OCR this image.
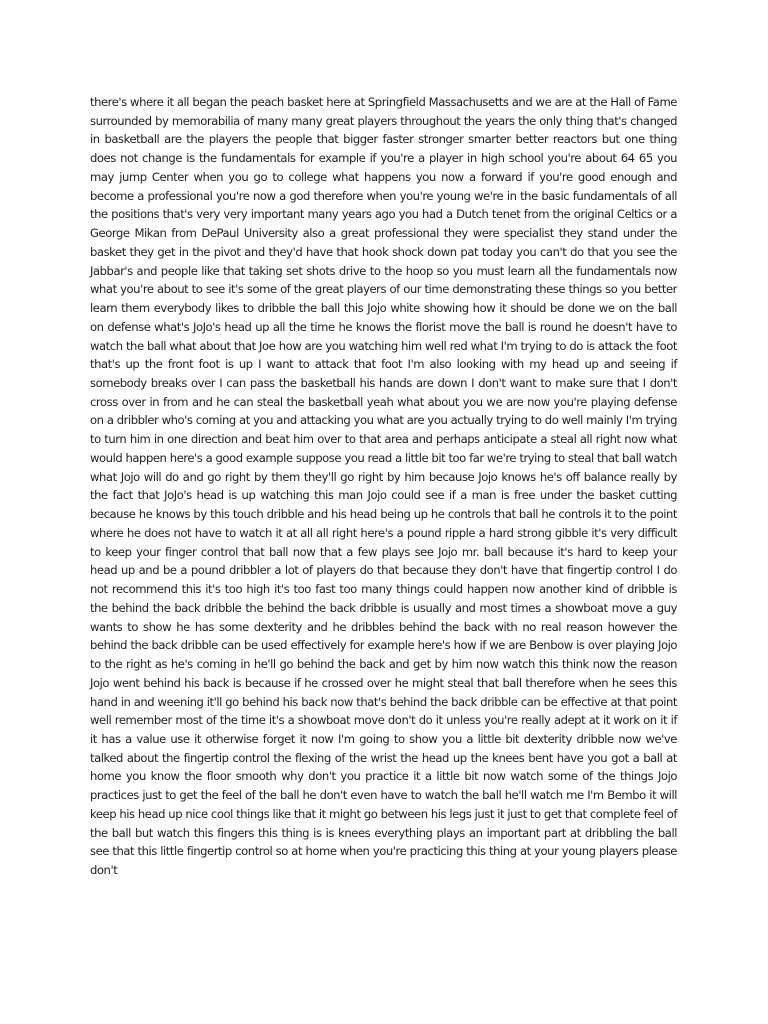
there's where it all began the peach basket here at Springfield Massachusetts and we are at the Hall of Fame surrounded by memorabilia of many many great players throughout the years the only thing that's changed in basketball are the players the people that bigger faster stronger smarter better reactors but one thing does not change is the fundamentals for example if you're a player in high school you're about 64 65 you may jump Center when you go to college what happens you now a forward if you're good enough and become a professional you're now a god therefore when you're young we're in the basic fundamentals of all the positions that's very very important many years ago you had a Dutch tenet from the original Celtics or a George Mikan from DePaul University also a great professional they were specialist they stand under the basket they get in the pivot and they'd have that hook shock down pat today you can't do that you see the Jabbar's and people like that taking set shots drive to the hoop so you must learn all the fundamentals now what you're about to see it's some of the great players of our time demonstrating these things so you better learn them everybody likes to dribble the ball this Jojo white showing how it should be done we on the ball on defense what's JoJo's head up all the time he knows the florist move the ball is round he doesn't have to watch the ball what about that Joe how are you watching him well red what I'm trying to do is attack the foot that's up the front foot is up I want to attack that foot I'm also looking with my head up and seeing if somebody breaks over I can pass the basketball his hands are down I don't want to make sure that I don't cross over in from and he can steal the basketball yeah what about you we are now you're playing defense on a dribbler who's coming at you and attacking you what are you actually trying to do well mainly I'm trying to turn him in one direction and beat him over to that area and perhaps anticipate a steal all right now what would happen here's a good example suppose you read a little bit too far we're trying to steal that ball watch what Jojo will do and go right by them they'll go right by him because Jojo knows he's off balance really by the fact that JoJo's head is up watching this man Jojo could see if a man is free under the basket cutting because he knows by this touch dribble and his head being up he controls that ball he controls it to the point where he does not have to watch it at all all right here's a pound ripple a hard strong gibble it's very difficult to keep your finger control that ball now that a few plays see Jojo mr. ball because it's hard to keep your head up and be a pound dribbler a lot of players do that because they don't have that fingertip control I do not recommend this it's too high it's too fast too many things could happen now another kind of dribble is the behind the back dribble the behind the back dribble is usually and most times a showboat move a guy wants to show he has some dexterity and he dribbles behind the back with no real reason however the behind the back dribble can be used effectively for example here's how if we are Benbow is over playing Jojo to the right as he's coming in he'll go behind the back and get by him now watch this think now the reason Jojo went behind his back is because if he crossed over he might steal that ball therefore when he sees this hand in and weening it'll go behind his back now that's behind the back dribble can be effective at that point well remember most of the time it's a showboat move don't do it unless you're really adept at it work on it if it has a value use it otherwise forget it now I'm going to show you a little bit dexterity dribble now we've talked about the fingertip control the flexing of the wrist the head up the knees bent have you got a ball at home you know the floor smooth why don't you practice it a little bit now watch some of the things Jojo practices just to get the feel of the ball he don't even have to watch the ball he'll watch me I'm Bembo it will keep his head up nice cool things like that it might go between his legs just it just to get that complete feel of the ball but watch this fingers this thing is is knees everything plays an important part at dribbling the ball see that this little fingertip control so at home when you're practicing this thing at your young players please don't
